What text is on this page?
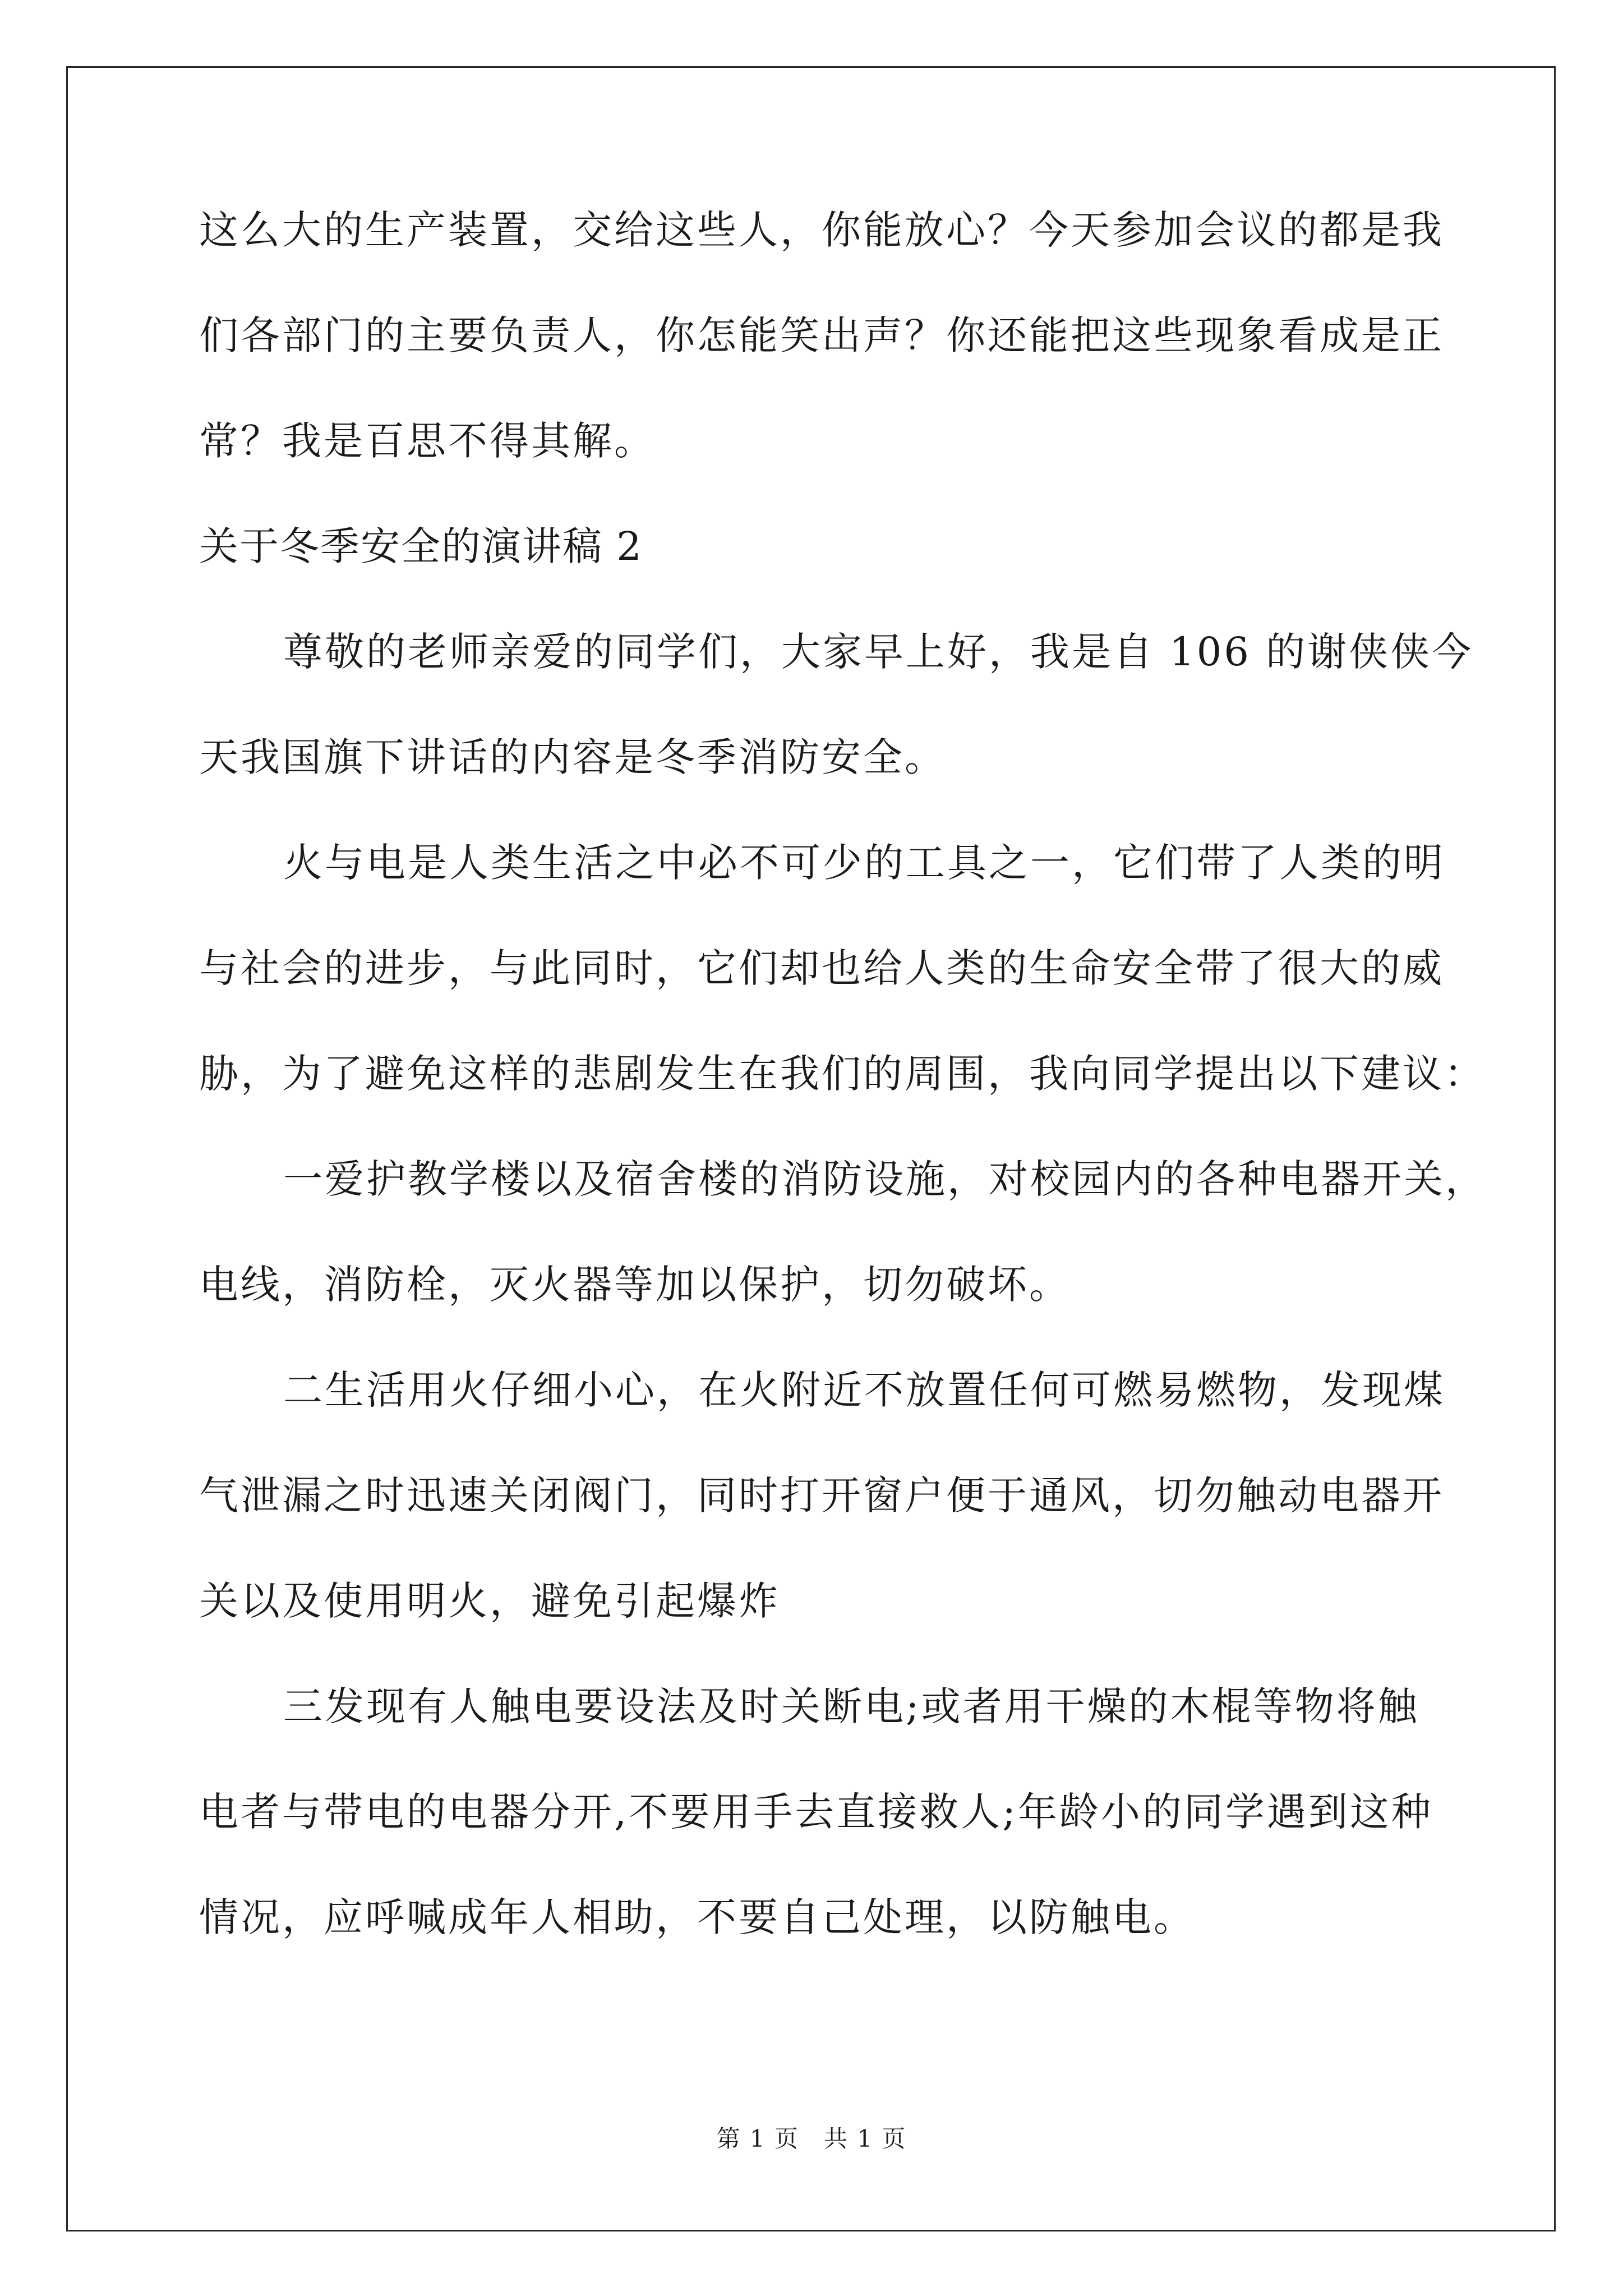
这么大的生产装置，交给这些人，你能放心？今天参加会议的都是我
们各部门的主要负责人，你怎能笑出声？你还能把这些现象看成是正
常？我是百思不得其解。
关于冬季安全的演讲稿 2
尊敬的老师亲爱的同学们，大家早上好，我是自 106 的谢侠侠今
天我国旗下讲话的内容是冬季消防安全。
火与电是人类生活之中必不可少的工具之一，它们带了人类的明
与社会的进步，与此同时，它们却也给人类的生命安全带了很大的威
胁，为了避免这样的悲剧发生在我们的周围，我向同学提出以下建议：
一爱护教学楼以及宿舍楼的消防设施，对校园内的各种电器开关，
电线，消防栓，灭火器等加以保护，切勿破坏。
二生活用火仔细小心，在火附近不放置任何可燃易燃物，发现煤
气泄漏之时迅速关闭阀门，同时打开窗户便于通风，切勿触动电器开
关以及使用明火，避免引起爆炸
三发现有人触电要设法及时关断电;或者用干燥的木棍等物将触
电者与带电的电器分开,不要用手去直接救人;年龄小的同学遇到这种
情况，应呼喊成年人相助，不要自己处理，以防触电。
第 1 页　共 1 页
